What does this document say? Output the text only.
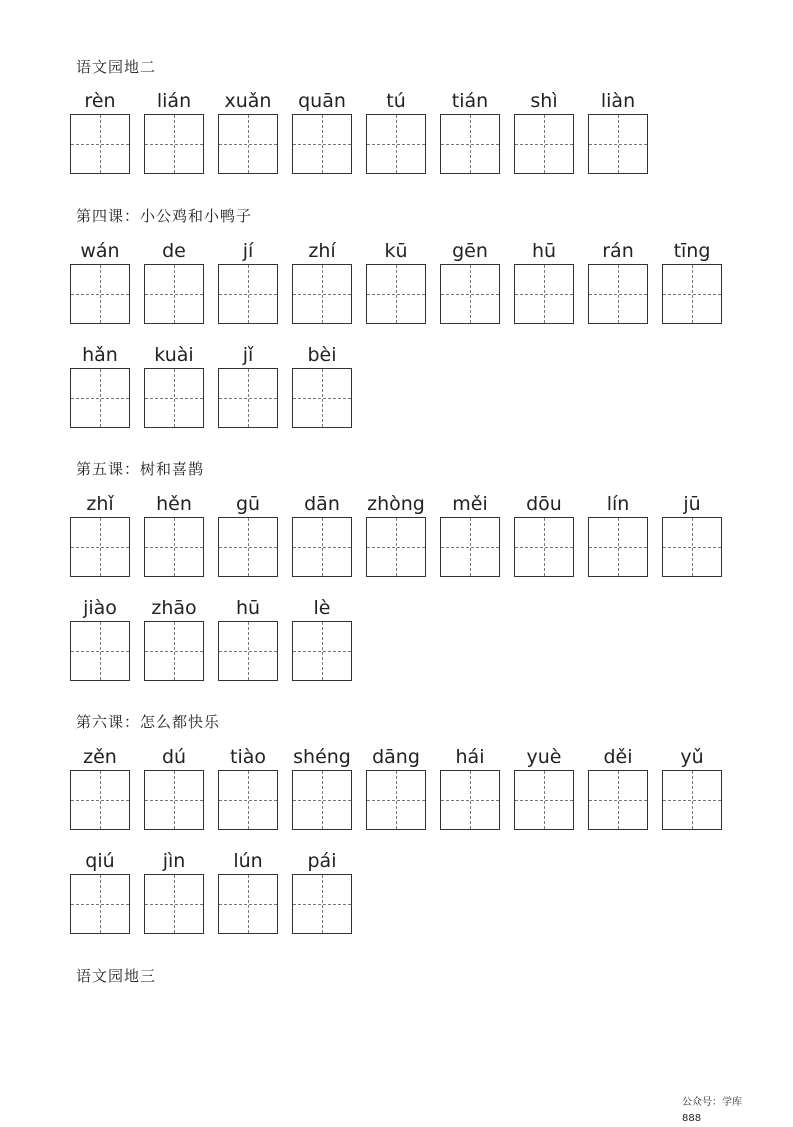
语文园地二
rèn	lián	xuǎn	quān	tú	tián	shì	liàn
第四课：小公鸡和小鸭子
wán	de	jí	zhí	kū	gēn	hū	rán	tīng
hǎn	kuài	jǐ	bèi
第五课：树和喜鹊
zhǐ	hěn	gū	dān	zhòng	měi	dōu	lín	jū
jiào	zhāo	hū	lè
第六课：怎么都快乐
zěn	dú	tiào	shéng	dāng	hái	yuè	děi	yǔ
qiú	jìn	lún	pái
语文园地三
公众号：学库
888
